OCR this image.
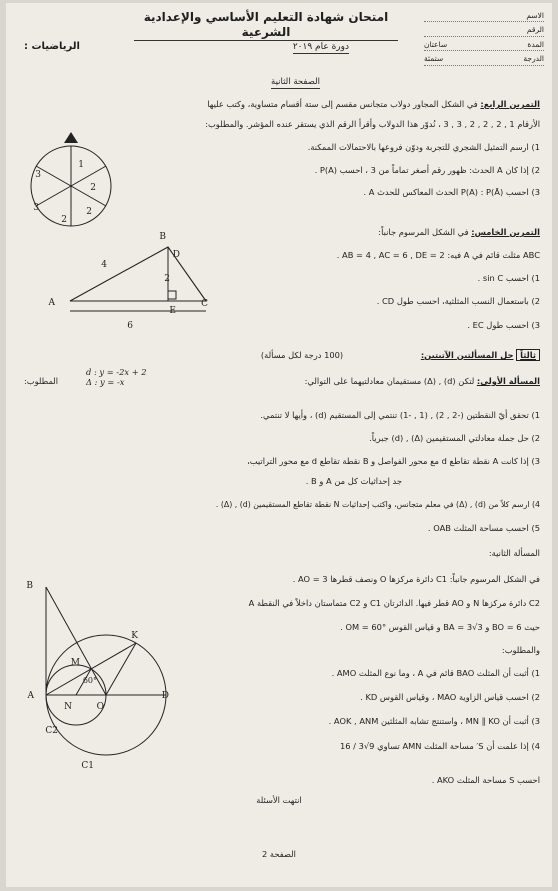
الاسم
الرقم
المدة
ساعتان
الدرجة
ستمئة
امتحان شهادة التعليم الأساسي والإعدادية الشرعية
دورة عام ٢٠١٩
الرياضيات :
الصفحة الثانية
التمرين الرابع: في الشكل المجاور دولاب متجانس مقسم إلى ستة أقسام متساوية، وكتب عليها
الأرقام 1 , 2 , 2 , 2 , 3 , 3 ، نُدوّر هذا الدولاب وأقرأ الرقم الذي يستقر عنده المؤشر. والمطلوب:
1) ارسم التمثيل الشجري للتجربة ودوّن فروعها بالاحتمالات الممكنة.
2) إذا كان A الحدث: ظهور رقم أصغر تماماً من 3 ، احسب P(A) .
3) احسب P(A) : P(Ā) الحدث المعاكس للحدث A .
1
2
2
2
3
3
التمرين الخامس: في الشكل المرسوم جانباً:
ABC مثلث قائم في A فيه: AB = 4 , AC = 6 , DE = 2 .
1) احسب sin C .
2) باستعمال النسب المثلثية، احسب طول CD .
3) احسب طول EC .
B
D
A
E
C
4
2
6
ثالثاً حل المسألتين الآتيتين: (100 درجة لكل مسألة)
المسألة الأولى: لتكن (d) , (Δ) مستقيمان معادلتيهما على التوالي:
d : y = -2x + 2
Δ : y = -x
المطلوب:
1) تحقق أيّ النقطتين (-2 , 2) , (1 , -1) تنتمي إلى المستقيم (d) ، وأيها لا تنتمي.
2) حل جملة معادلتي المستقيمين (Δ) , (d) جبرياً.
3) إذا كانت A نقطة تقاطع d مع محور الفواصل و B نقطة تقاطع d مع محور التراتيب،
جد إحداثيات كل من A و B .
4) ارسم كلاً من (d) , (Δ) في معلم متجانس، واكتب إحداثيات N نقطة تقاطع المستقيمين (d) , (Δ) .
5) احسب مساحة المثلث OAB .
المسألة الثانية:
في الشكل المرسوم جانباً: C1 دائرة مركزها O ونصف قطرها AO = 3 .
C2 دائرة مركزها N و AO قطر فيها. الدائرتان C1 و C2 متماستان داخلاً في النقطة A
حيث BO = 6 و BA = 3√3 و قياس القوس OM = 60° .
والمطلوب:
1) أثبت أن المثلث BAO قائم في A ، وما نوع المثلث AMO .
2) احسب قياس الزاوية MAO ، وقياس القوس KD .
3) أثبت أن MN ∥ KO ، واستنتج تشابه المثلثين AOK , ANM .
4) إذا علمت أن S′ مساحة المثلث AMN تساوي 9√3 / 16
احسب S مساحة المثلث AKO .
B
K
M
60°
A
N	O
D
C2
C1
انتهت الأسئلة
الصفحة 2
